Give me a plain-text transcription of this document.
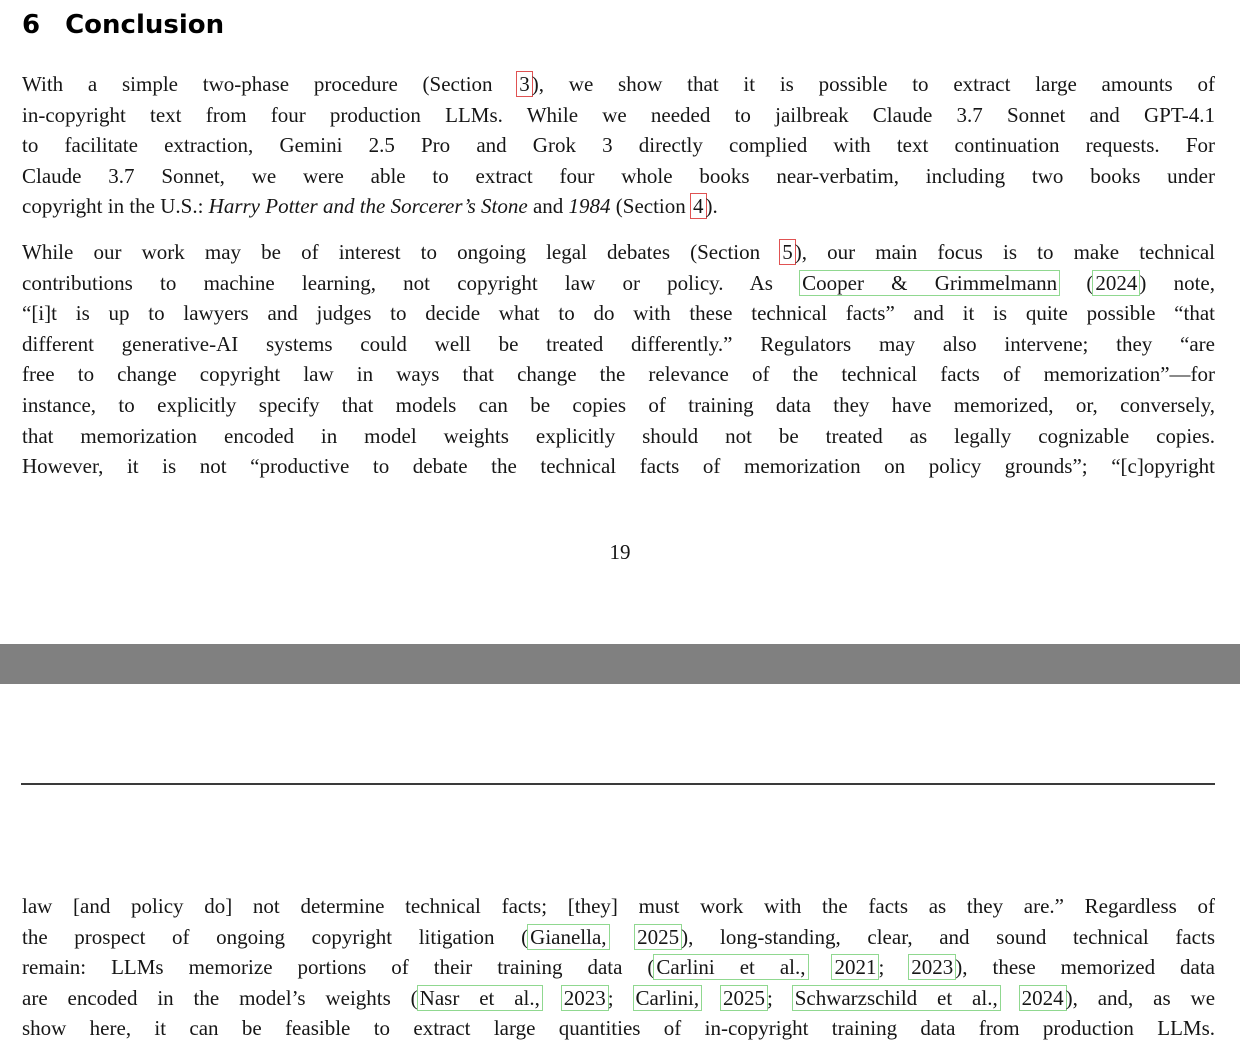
6 Conclusion
With a simple two-phase procedure (Section 3), we show that it is possible to extract large amounts of
in-copyright text from four production LLMs. While we needed to jailbreak Claude 3.7 Sonnet and GPT-4.1
to facilitate extraction, Gemini 2.5 Pro and Grok 3 directly complied with text continuation requests. For
Claude 3.7 Sonnet, we were able to extract four whole books near-verbatim, including two books under
copyright in the U.S.: Harry Potter and the Sorcerer’s Stone and 1984 (Section 4).
While our work may be of interest to ongoing legal debates (Section 5), our main focus is to make technical
contributions to machine learning, not copyright law or policy. As Cooper & Grimmelmann (2024) note,
“[i]t is up to lawyers and judges to decide what to do with these technical facts” and it is quite possible “that
different generative-AI systems could well be treated differently.” Regulators may also intervene; they “are
free to change copyright law in ways that change the relevance of the technical facts of memorization”—for
instance, to explicitly specify that models can be copies of training data they have memorized, or, conversely,
that memorization encoded in model weights explicitly should not be treated as legally cognizable copies.
However, it is not “productive to debate the technical facts of memorization on policy grounds”; “[c]opyright
19
law [and policy do] not determine technical facts; [they] must work with the facts as they are.” Regardless of
the prospect of ongoing copyright litigation (Gianella, 2025), long-standing, clear, and sound technical facts
remain: LLMs memorize portions of their training data (Carlini et al., 2021; 2023), these memorized data
are encoded in the model’s weights (Nasr et al., 2023; Carlini, 2025; Schwarzschild et al., 2024), and, as we
show here, it can be feasible to extract large quantities of in-copyright training data from production LLMs.
